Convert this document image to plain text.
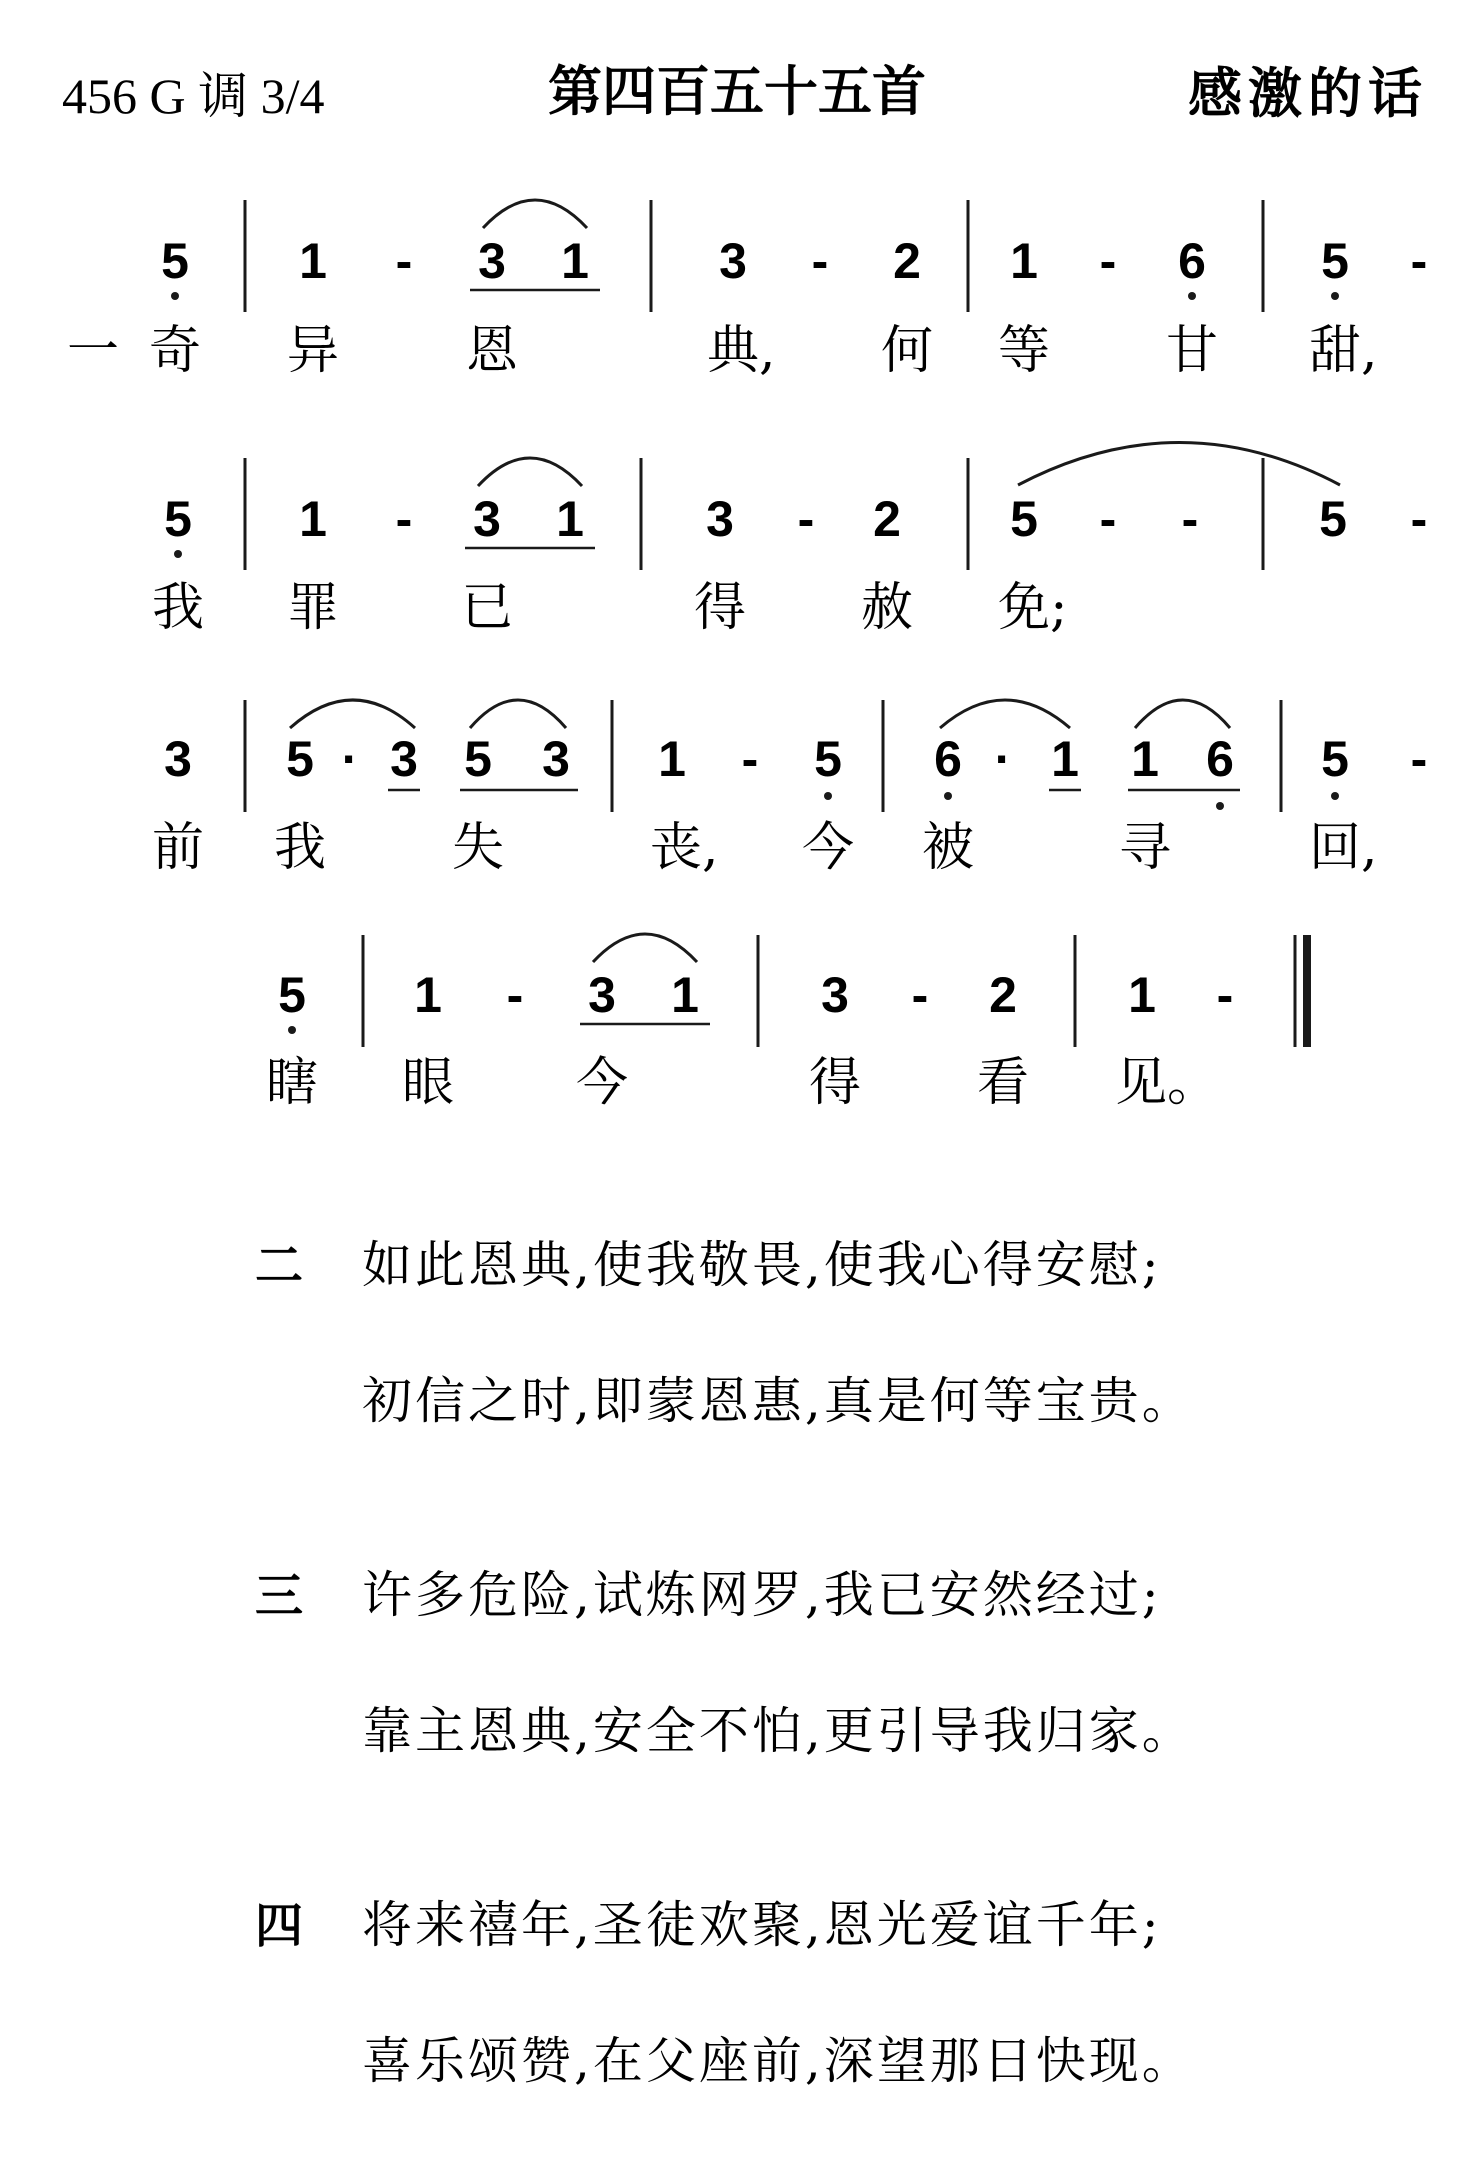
456 G 调 3/4	第四百五十五首	感激的话
5 1 - 3 1	3 - 2 1 - 6 5 -
一 奇 异 恩	典, 何 等 甘 甜,
5 1 - 3 1 3 - 2 5 - - 5 -
我 罪 已	得 赦 免;
3 5 · 3 5 3 1 - 5 6 · 1 1 6 5 -
前 我 失	丧, 今 被	寻	回,
5 1 - 3 1 3 - 2 1 -
瞎 眼 今	得 看 见。
二 如此恩典,使我敬畏,使我心得安慰;
初信之时,即蒙恩惠,真是何等宝贵。
三 许多危险,试炼网罗,我已安然经过;
靠主恩典,安全不怕,更引导我归家。
四 将来禧年,圣徒欢聚,恩光爱谊千年;
喜乐颂赞,在父座前,深望那日快现。
